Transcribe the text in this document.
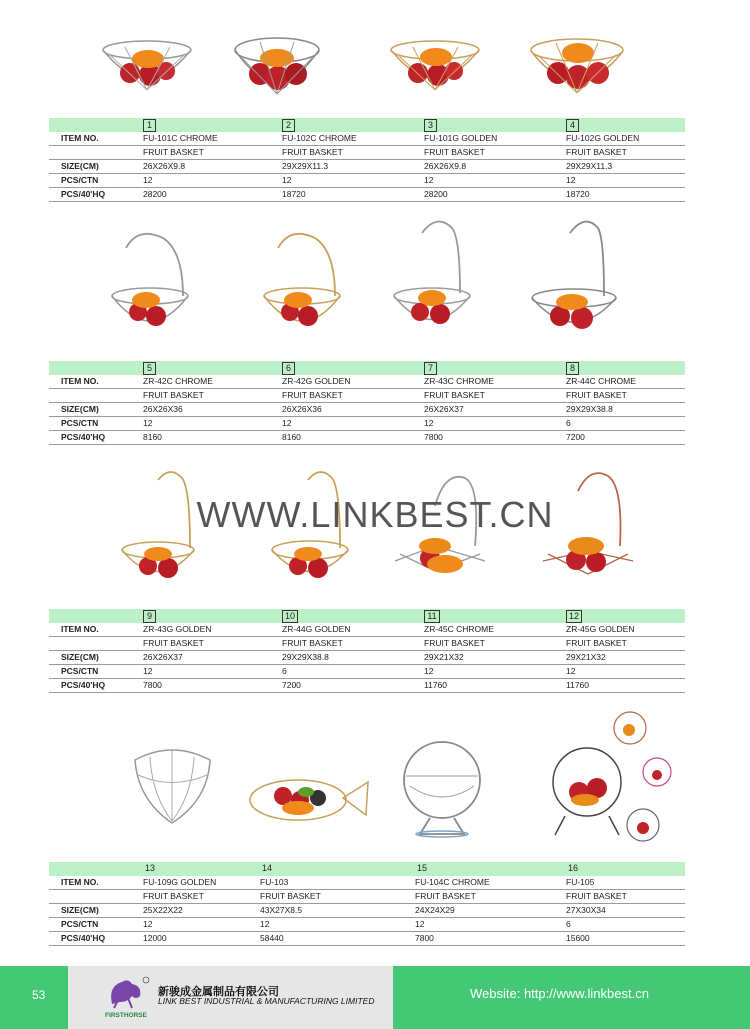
WWW.LINKBEST.CN
1	2	3	4
ITEM NO.	FU-101C CHROME	FU-102C CHROME	FU-101G GOLDEN	FU-102G GOLDEN
FRUIT BASKET	FRUIT BASKET	FRUIT BASKET	FRUIT BASKET
SIZE(CM)	26X26X9.8	29X29X11.3	26X26X9.8	29X29X11.3
PCS/CTN	12	12	12	12
PCS/40'HQ	28200	18720	28200	18720
5	6	7	8
ITEM NO.	ZR-42C CHROME	ZR-42G GOLDEN	ZR-43C CHROME	ZR-44C CHROME
FRUIT BASKET	FRUIT BASKET	FRUIT BASKET	FRUIT BASKET
SIZE(CM)	26X26X36	26X26X36	26X26X37	29X29X38.8
PCS/CTN	12	12	12	6
PCS/40'HQ	8160	8160	7800	7200
9	10	11	12
ITEM NO.	ZR-43G GOLDEN	ZR-44G GOLDEN	ZR-45C CHROME	ZR-45G GOLDEN
FRUIT BASKET	FRUIT BASKET	FRUIT BASKET	FRUIT BASKET
SIZE(CM)	26X26X37	29X29X38.8	29X21X32	29X21X32
PCS/CTN	12	6	12	12
PCS/40'HQ	7800	7200	11760	11760
13	14	15	16
ITEM NO.	FU-109G GOLDEN	FU-103	FU-104C CHROME	FU-105
FRUIT BASKET	FRUIT BASKET	FRUIT BASKET	FRUIT BASKET
SIZE(CM)	25X22X22	43X27X8.5	24X24X29	27X30X34
PCS/CTN	12	12	12	6
PCS/40'HQ	12000	58440	7800	15600
53
FIRSTHORSE
新骏成金属制品有限公司
LINK BEST INDUSTRIAL & MANUFACTURING LIMITED	Website: http://www.linkbest.cn
